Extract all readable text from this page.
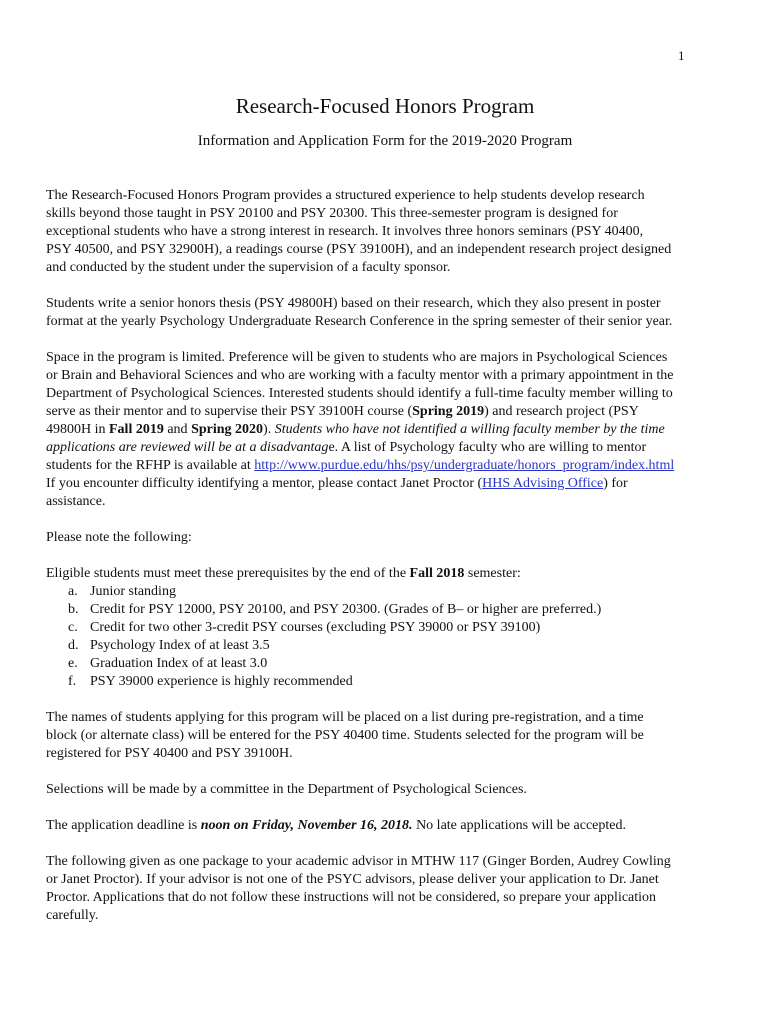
1
Research-Focused Honors Program
Information and Application Form for the 2019-2020 Program
The Research-Focused Honors Program provides a structured experience to help students develop research
skills beyond those taught in PSY 20100 and PSY 20300. This three-semester program is designed for
exceptional students who have a strong interest in research. It involves three honors seminars (PSY 40400,
PSY 40500, and PSY 32900H), a readings course (PSY 39100H), and an independent research project designed
and conducted by the student under the supervision of a faculty sponsor.
Students write a senior honors thesis (PSY 49800H) based on their research, which they also present in poster
format at the yearly Psychology Undergraduate Research Conference in the spring semester of their senior year.
Space in the program is limited. Preference will be given to students who are majors in Psychological Sciences
or Brain and Behavioral Sciences and who are working with a faculty mentor with a primary appointment in the
Department of Psychological Sciences. Interested students should identify a full-time faculty member willing to
serve as their mentor and to supervise their PSY 39100H course (Spring 2019) and research project (PSY
49800H in Fall 2019 and Spring 2020). Students who have not identified a willing faculty member by the time
applications are reviewed will be at a disadvantage. A list of Psychology faculty who are willing to mentor
students for the RFHP is available at http://www.purdue.edu/hhs/psy/undergraduate/honors_program/index.html
If you encounter difficulty identifying a mentor, please contact Janet Proctor (HHS Advising Office) for
assistance.
Please note the following:
Eligible students must meet these prerequisites by the end of the Fall 2018 semester:
a. Junior standing
b. Credit for PSY 12000, PSY 20100, and PSY 20300. (Grades of B– or higher are preferred.)
c. Credit for two other 3-credit PSY courses (excluding PSY 39000 or PSY 39100)
d. Psychology Index of at least 3.5
e. Graduation Index of at least 3.0
f. PSY 39000 experience is highly recommended
The names of students applying for this program will be placed on a list during pre-registration, and a time
block (or alternate class) will be entered for the PSY 40400 time. Students selected for the program will be
registered for PSY 40400 and PSY 39100H.
Selections will be made by a committee in the Department of Psychological Sciences.
The application deadline is noon on Friday, November 16, 2018. No late applications will be accepted.
The following given as one package to your academic advisor in MTHW 117 (Ginger Borden, Audrey Cowling
or Janet Proctor). If your advisor is not one of the PSYC advisors, please deliver your application to Dr. Janet
Proctor. Applications that do not follow these instructions will not be considered, so prepare your application
carefully.
